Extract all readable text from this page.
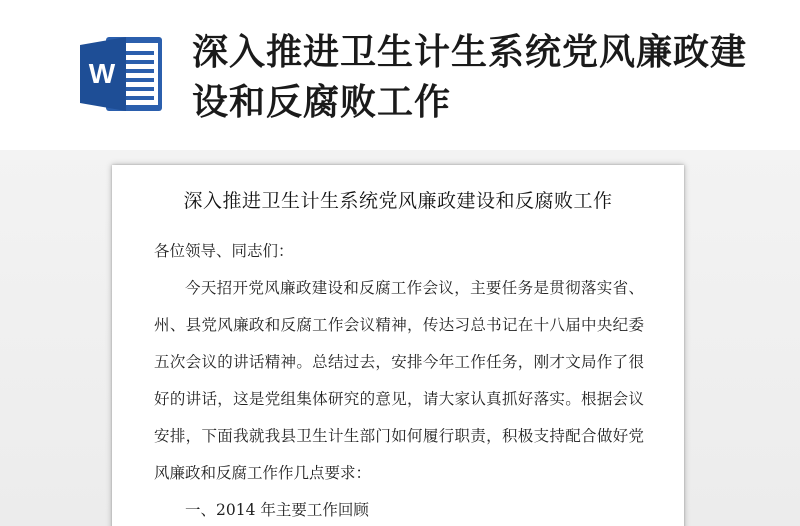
W
深入推进卫生计生系统党风廉政建设和反腐败工作
深入推进卫生计生系统党风廉政建设和反腐败工作
各位领导、同志们：
今天招开党风廉政建设和反腐工作会议，主要任务是贯彻落实省、州、县党风廉政和反腐工作会议精神，传达习总书记在十八届中央纪委五次会议的讲话精神。总结过去，安排今年工作任务，刚才文局作了很好的讲话，这是党组集体研究的意见，请大家认真抓好落实。根据会议安排，下面我就我县卫生计生部门如何履行职责，积极支持配合做好党风廉政和反腐工作作几点要求：
一、2014 年主要工作回顾
